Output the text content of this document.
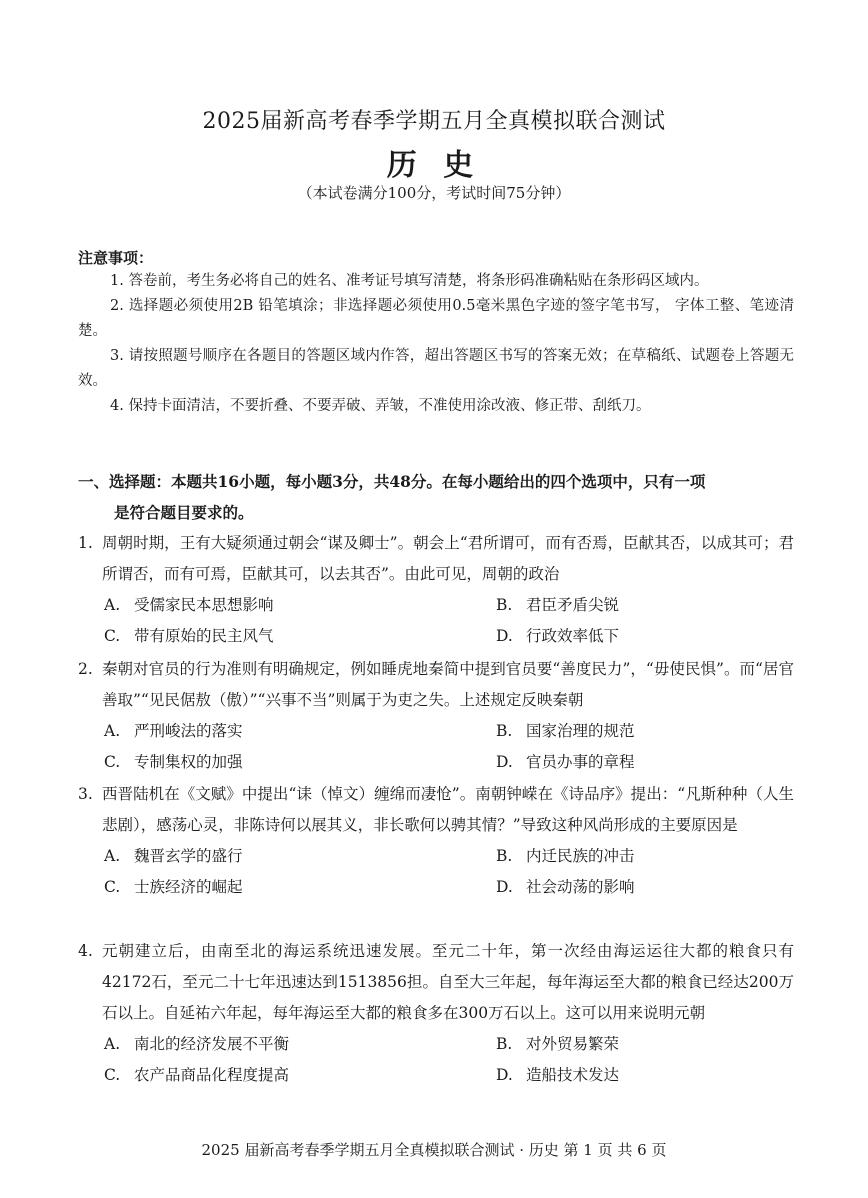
2025届新高考春季学期五月全真模拟联合测试
历 史
（本试卷满分100分，考试时间75分钟）
注意事项：
1. 答卷前，考生务必将自己的姓名、准考证号填写清楚，将条形码准确粘贴在条形码区域内。
2. 选择题必须使用2B 铅笔填涂；非选择题必须使用0.5毫米黑色字迹的签字笔书写， 字体工整、笔迹清楚。
3. 请按照题号顺序在各题目的答题区域内作答，超出答题区书写的答案无效；在草稿纸、试题卷上答题无效。
4. 保持卡面清洁，不要折叠、不要弄破、弄皱，不准使用涂改液、修正带、刮纸刀。
一、选择题：本题共16小题，每小题3分，共48分。在每小题给出的四个选项中，只有一项
是符合题目要求的。
1. 周朝时期，王有大疑须通过朝会“谋及卿士”。朝会上“君所谓可，而有否焉，臣献其否，以成其可；君所谓否，而有可焉，臣献其可，以去其否”。由此可见，周朝的政治
A. 受儒家民本思想影响	B. 君臣矛盾尖锐
C. 带有原始的民主风气	D. 行政效率低下
2. 秦朝对官员的行为准则有明确规定，例如睡虎地秦简中提到官员要“善度民力”，“毋使民惧”。而“居官善取”“见民倨敖（傲）”“兴事不当”则属于为吏之失。上述规定反映秦朝
A. 严刑峻法的落实	B. 国家治理的规范
C. 专制集权的加强	D. 官员办事的章程
3. 西晋陆机在《文赋》中提出“诔（悼文）缠绵而凄怆”。南朝钟嵘在《诗品序》提出：“凡斯种种（人生悲剧），感荡心灵，非陈诗何以展其义，非长歌何以骋其情？”导致这种风尚形成的主要原因是
A. 魏晋玄学的盛行	B. 内迁民族的冲击
C. 士族经济的崛起	D. 社会动荡的影响
4. 元朝建立后，由南至北的海运系统迅速发展。至元二十年，第一次经由海运运往大都的粮食只有42172石，至元二十七年迅速达到1513856担。自至大三年起，每年海运至大都的粮食已经达200万石以上。自延祐六年起，每年海运至大都的粮食多在300万石以上。这可以用来说明元朝
A. 南北的经济发展不平衡	B. 对外贸易繁荣
C. 农产品商品化程度提高	D. 造船技术发达
2025 届新高考春季学期五月全真模拟联合测试 · 历史 第 1 页 共 6 页
